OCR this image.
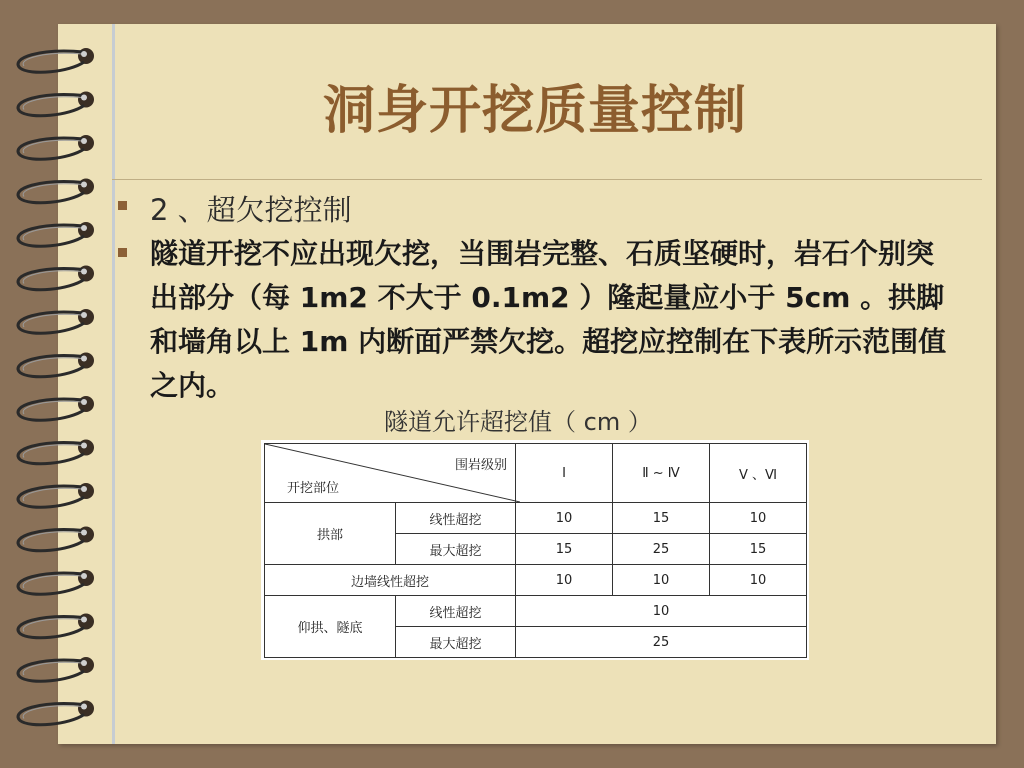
洞身开挖质量控制
2 、超欠挖控制
隧道开挖不应出现欠挖，当围岩完整、石质坚硬时，岩石个别突出部分（每 1m2 不大于 0.1m2 ）隆起量应小于 5cm 。拱脚和墙角以上 1m 内断面严禁欠挖。超挖应控制在下表所示范围值之内。
隧道允许超挖值（ cm ）
围岩级别
开挖部位		Ⅰ	Ⅱ ~ Ⅳ	Ⅴ 、Ⅵ
拱部	线性超挖	10	15	10
	最大超挖	15	25	15
边墙线性超挖		10	10	10
仰拱、隧底	线性超挖	10		
	最大超挖	25		
